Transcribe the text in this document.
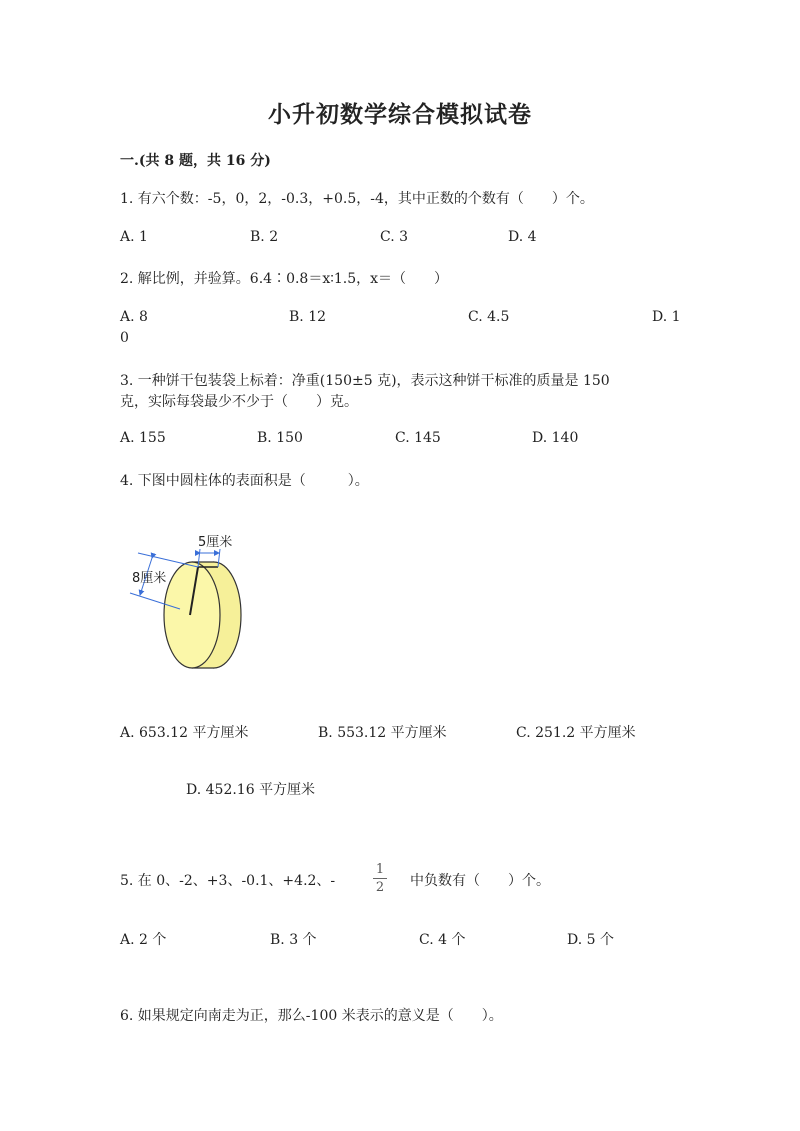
小升初数学综合模拟试卷
一.(共 8 题，共 16 分)
1. 有六个数：-5，0，2，-0.3，+0.5，-4，其中正数的个数有（　　）个。
A. 1	B. 2	C. 3	D. 4
2. 解比例，并验算。6.4∶0.8＝x∶1.5，x＝（　　）
A. 8	B. 12	C. 4.5	D. 1
0
3. 一种饼干包装袋上标着：净重(150±5 克)，表示这种饼干标准的质量是 150
克，实际每袋最少不少于（　　）克。
A. 155	B. 150	C. 145	D. 140
4. 下图中圆柱体的表面积是（　　　）。
5厘米
8厘米
A. 653.12 平方厘米	B. 553.12 平方厘米	C. 251.2 平方厘米
D. 452.16 平方厘米
5. 在 0、-2、+3、-0.1、+4.2、-
1
2 中负数有（　　）个。
A. 2 个	B. 3 个	C. 4 个	D. 5 个
6. 如果规定向南走为正，那么-100 米表示的意义是（　　）。
